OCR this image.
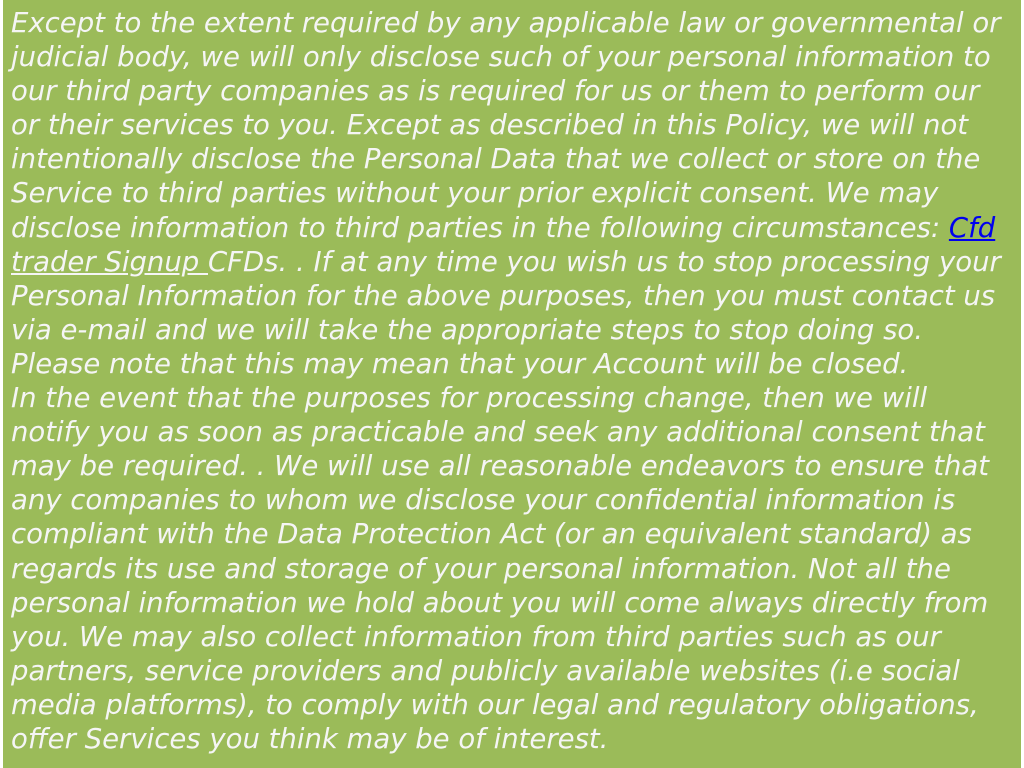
Except to the extent required by any applicable law or governmental or judicial body, we will only disclose such of your personal information to our third party companies as is required for us or them to perform our or their services to you. Except as described in this Policy, we will not intentionally disclose the Personal Data that we collect or store on the Service to third parties without your prior explicit consent. We may disclose information to third parties in the following circumstances: Cfd trader Signup CFDs. . If at any time you wish us to stop processing your Personal Information for the above purposes, then you must contact us via e-mail and we will take the appropriate steps to stop doing so. Please note that this may mean that your Account will be closed.

In the event that the purposes for processing change, then we will notify you as soon as practicable and seek any additional consent that may be required. . We will use all reasonable endeavors to ensure that any companies to whom we disclose your confidential information is compliant with the Data Protection Act (or an equivalent standard) as regards its use and storage of your personal information. Not all the personal information we hold about you will come always directly from you. We may also collect information from third parties such as our partners, service providers and publicly available websites (i.e social media platforms), to comply with our legal and regulatory obligations, offer Services you think may be of interest.
